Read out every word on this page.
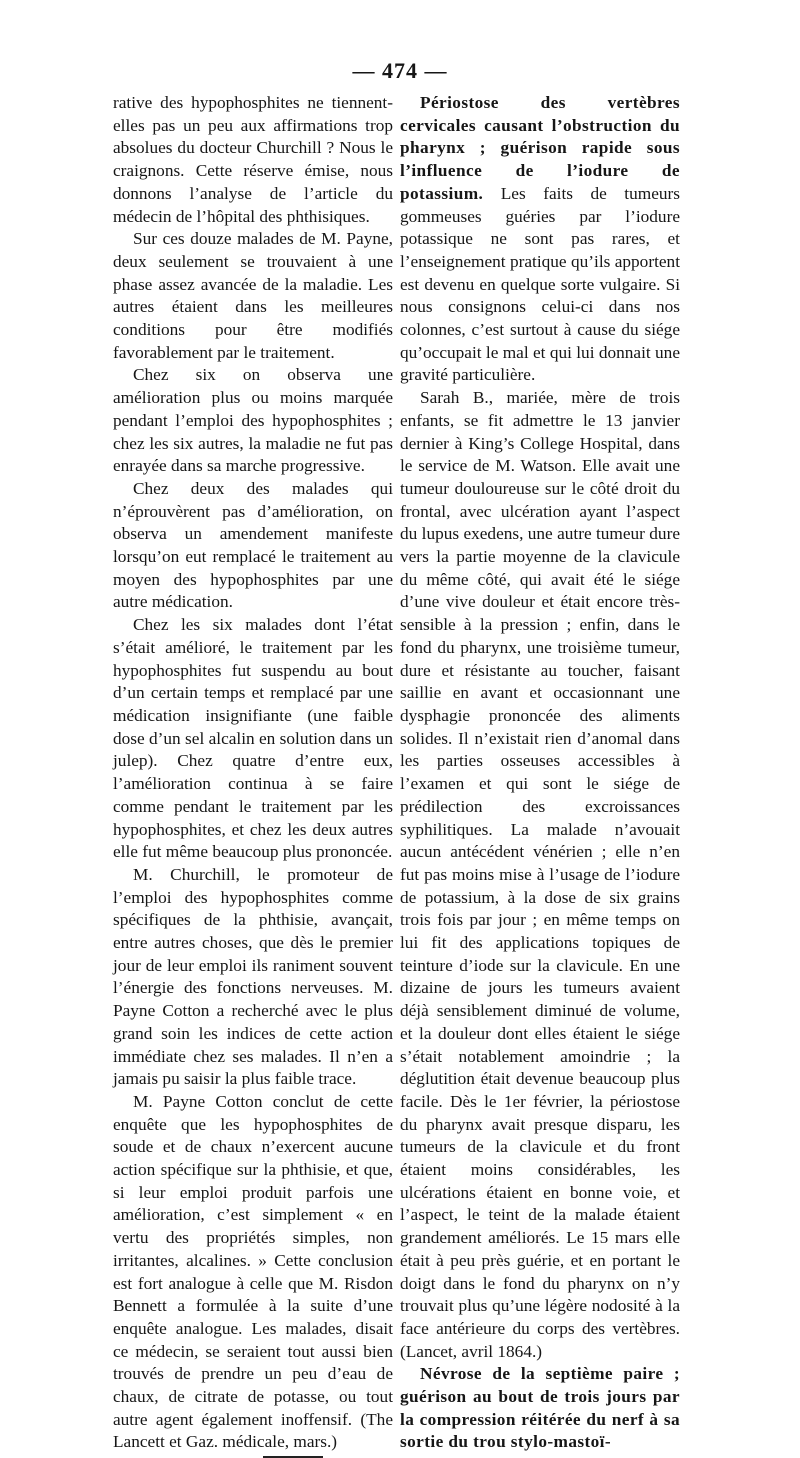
— 474 —

rative des hypophosphites ne tiennent-elles pas un peu aux affirmations trop absolues du docteur Churchill ? Nous le craignons. Cette réserve émise, nous donnons l’analyse de l’article du médecin de l’hôpital des phthisiques.

Sur ces douze malades de M. Payne, deux seulement se trouvaient à une phase assez avancée de la maladie. Les autres étaient dans les meilleures conditions pour être modifiés favorablement par le traitement.

Chez six on observa une amélioration plus ou moins marquée pendant l’emploi des hypophosphites ; chez les six autres, la maladie ne fut pas enrayée dans sa marche progressive.

Chez deux des malades qui n’éprouvèrent pas d’amélioration, on observa un amendement manifeste lorsqu’on eut remplacé le traitement au moyen des hypophosphites par une autre médication.

Chez les six malades dont l’état s’était amélioré, le traitement par les hypophosphites fut suspendu au bout d’un certain temps et remplacé par une médication insignifiante (une faible dose d’un sel alcalin en solution dans un julep). Chez quatre d’entre eux, l’amélioration continua à se faire comme pendant le traitement par les hypophosphites, et chez les deux autres elle fut même beaucoup plus prononcée.

M. Churchill, le promoteur de l’emploi des hypophosphites comme spécifiques de la phthisie, avançait, entre autres choses, que dès le premier jour de leur emploi ils raniment souvent l’énergie des fonctions nerveuses. M. Payne Cotton a recherché avec le plus grand soin les indices de cette action immédiate chez ses malades. Il n’en a jamais pu saisir la plus faible trace.

M. Payne Cotton conclut de cette enquête que les hypophosphites de soude et de chaux n’exercent aucune action spécifique sur la phthisie, et que, si leur emploi produit parfois une amélioration, c’est simplement « en vertu des propriétés simples, non irritantes, alcalines. » Cette conclusion est fort analogue à celle que M. Risdon Bennett a formulée à la suite d’une enquête analogue. Les malades, disait ce médecin, se seraient tout aussi bien trouvés de prendre un peu d’eau de chaux, de citrate de potasse, ou tout autre agent également inoffensif. (The Lancett et Gaz. médicale, mars.)

Périostose des vertèbres cervicales causant l’obstruction du pharynx ; guérison rapide sous l’influence de l’iodure de potassium. Les faits de tumeurs gommeuses guéries par l’iodure potassique ne sont pas rares, et l’enseignement pratique qu’ils apportent est devenu en quelque sorte vulgaire. Si nous consignons celui-ci dans nos colonnes, c’est surtout à cause du siége qu’occupait le mal et qui lui donnait une gravité particulière.

Sarah B., mariée, mère de trois enfants, se fit admettre le 13 janvier dernier à King’s College Hospital, dans le service de M. Watson. Elle avait une tumeur douloureuse sur le côté droit du frontal, avec ulcération ayant l’aspect du lupus exedens, une autre tumeur dure vers la partie moyenne de la clavicule du même côté, qui avait été le siége d’une vive douleur et était encore très-sensible à la pression ; enfin, dans le fond du pharynx, une troisième tumeur, dure et résistante au toucher, faisant saillie en avant et occasionnant une dysphagie prononcée des aliments solides. Il n’existait rien d’anomal dans les parties osseuses accessibles à l’examen et qui sont le siége de prédilection des excroissances syphilitiques. La malade n’avouait aucun antécédent vénérien ; elle n’en fut pas moins mise à l’usage de l’iodure de potassium, à la dose de six grains trois fois par jour ; en même temps on lui fit des applications topiques de teinture d’iode sur la clavicule. En une dizaine de jours les tumeurs avaient déjà sensiblement diminué de volume, et la douleur dont elles étaient le siége s’était notablement amoindrie ; la déglutition était devenue beaucoup plus facile. Dès le 1er février, la périostose du pharynx avait presque disparu, les tumeurs de la clavicule et du front étaient moins considérables, les ulcérations étaient en bonne voie, et l’aspect, le teint de la malade étaient grandement améliorés. Le 15 mars elle était à peu près guérie, et en portant le doigt dans le fond du pharynx on n’y trouvait plus qu’une légère nodosité à la face antérieure du corps des vertèbres. (Lancet, avril 1864.)

Névrose de la septième paire ; guérison au bout de trois jours par la compression réitérée du nerf à sa sortie du trou stylo-mastoï-
